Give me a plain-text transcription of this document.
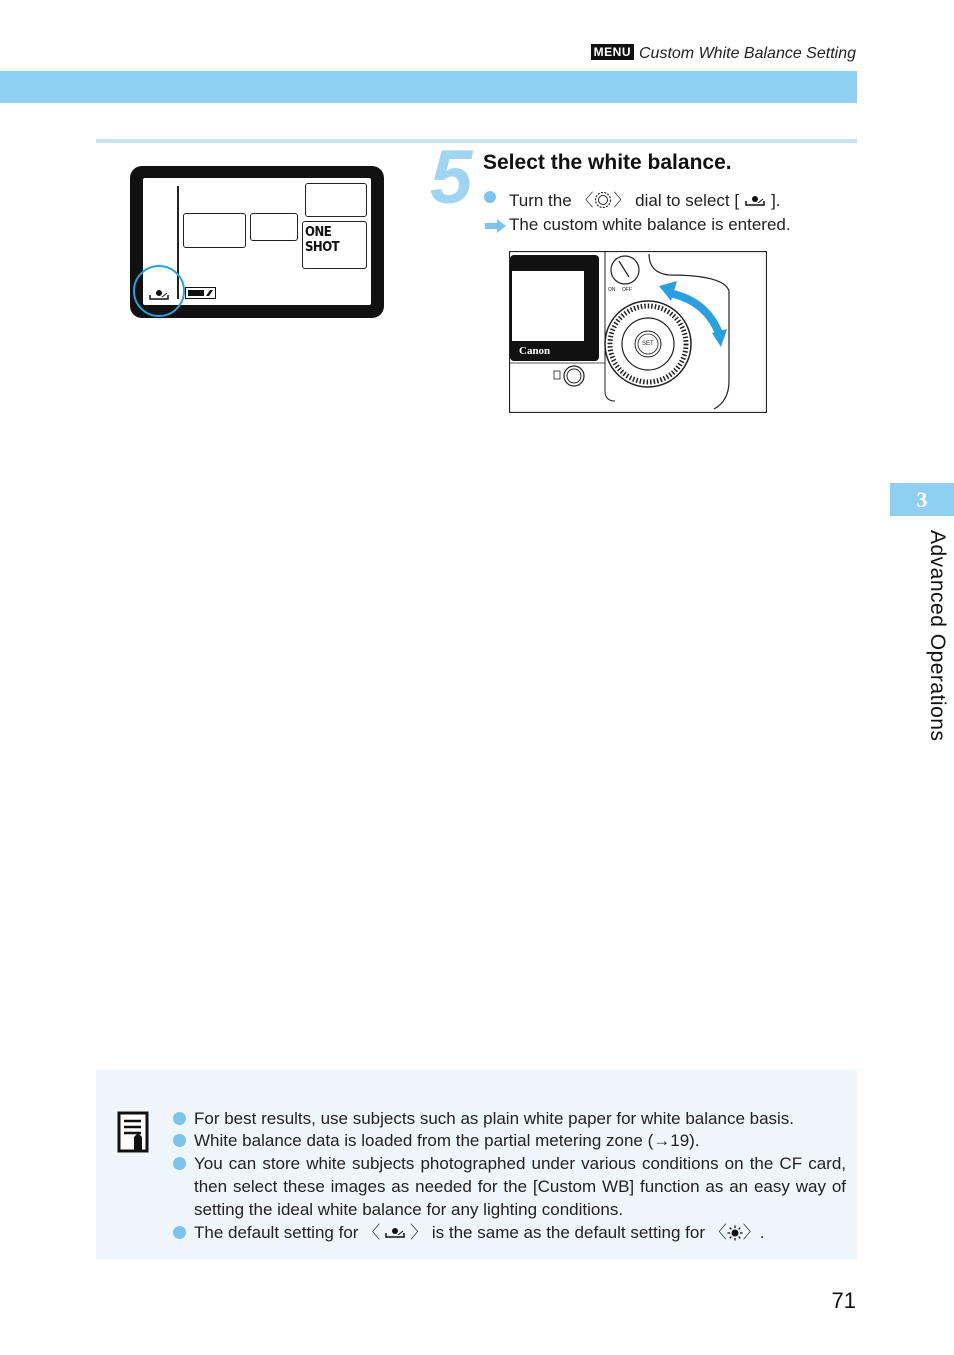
MENU Custom White Balance Setting
ONE SHOT
5 Select the white balance.
Turn the 〈 〉 dial to select [ ].
The custom white balance is entered.
Canon
ON OFF
SET
3
Advanced Operations
For best results, use subjects such as plain white paper for white balance basis.
White balance data is loaded from the partial metering zone (→19).
You can store white subjects photographed under various conditions on the CF card, then select these images as needed for the [Custom WB] function as an easy way of setting the ideal white balance for any lighting conditions.
The default setting for 〈 〉 is the same as the default setting for 〈 〉.
71
